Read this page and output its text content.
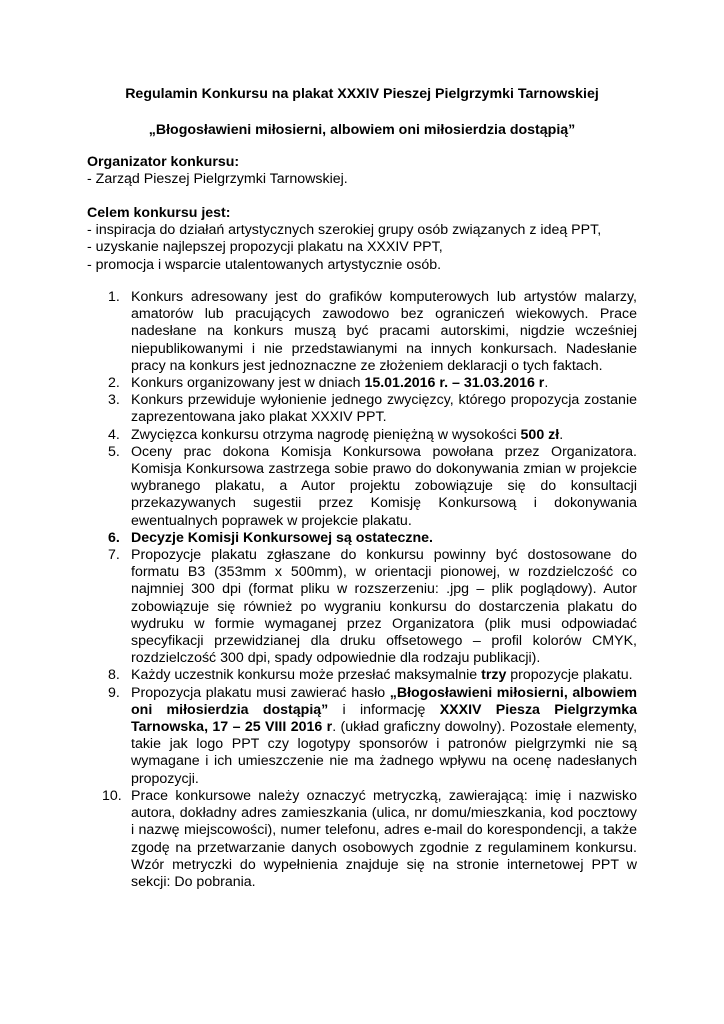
Regulamin Konkursu na plakat XXXIV Pieszej Pielgrzymki Tarnowskiej
„Błogosławieni miłosierni, albowiem oni miłosierdzia dostąpią”
Organizator konkursu:
- Zarząd Pieszej Pielgrzymki Tarnowskiej.
Celem konkursu jest:
- inspiracja do działań artystycznych szerokiej grupy osób związanych z ideą PPT,
- uzyskanie najlepszej propozycji plakatu na XXXIV PPT,
- promocja i wsparcie utalentowanych artystycznie osób.
1. Konkurs adresowany jest do grafików komputerowych lub artystów malarzy, amatorów lub pracujących zawodowo bez ograniczeń wiekowych. Prace nadesłane na konkurs muszą być pracami autorskimi, nigdzie wcześniej niepublikowanymi i nie przedstawianymi na innych konkursach. Nadesłanie pracy na konkurs jest jednoznaczne ze złożeniem deklaracji o tych faktach.
2. Konkurs organizowany jest w dniach 15.01.2016 r. – 31.03.2016 r.
3. Konkurs przewiduje wyłonienie jednego zwycięzcy, którego propozycja zostanie zaprezentowana jako plakat XXXIV PPT.
4. Zwycięzca konkursu otrzyma nagrodę pieniężną w wysokości 500 zł.
5. Oceny prac dokona Komisja Konkursowa powołana przez Organizatora. Komisja Konkursowa zastrzega sobie prawo do dokonywania zmian w projekcie wybranego plakatu, a Autor projektu zobowiązuje się do konsultacji przekazywanych sugestii przez Komisję Konkursową i dokonywania ewentualnych poprawek w projekcie plakatu.
6. Decyzje Komisji Konkursowej są ostateczne.
7. Propozycje plakatu zgłaszane do konkursu powinny być dostosowane do formatu B3 (353mm x 500mm), w orientacji pionowej, w rozdzielczość co najmniej 300 dpi (format pliku w rozszerzeniu: .jpg – plik poglądowy). Autor zobowiązuje się również po wygraniu konkursu do dostarczenia plakatu do wydruku w formie wymaganej przez Organizatora (plik musi odpowiadać specyfikacji przewidzianej dla druku offsetowego – profil kolorów CMYK, rozdzielczość 300 dpi, spady odpowiednie dla rodzaju publikacji).
8. Każdy uczestnik konkursu może przesłać maksymalnie trzy propozycje plakatu.
9. Propozycja plakatu musi zawierać hasło „Błogosławieni miłosierni, albowiem oni miłosierdzia dostąpią” i informację XXXIV Piesza Pielgrzymka Tarnowska, 17 – 25 VIII 2016 r. (układ graficzny dowolny). Pozostałe elementy, takie jak logo PPT czy logotypy sponsorów i patronów pielgrzymki nie są wymagane i ich umieszczenie nie ma żadnego wpływu na ocenę nadesłanych propozycji.
10. Prace konkursowe należy oznaczyć metryczką, zawierającą: imię i nazwisko autora, dokładny adres zamieszkania (ulica, nr domu/mieszkania, kod pocztowy i nazwę miejscowości), numer telefonu, adres e-mail do korespondencji, a także zgodę na przetwarzanie danych osobowych zgodnie z regulaminem konkursu. Wzór metryczki do wypełnienia znajduje się na stronie internetowej PPT w sekcji: Do pobrania.
